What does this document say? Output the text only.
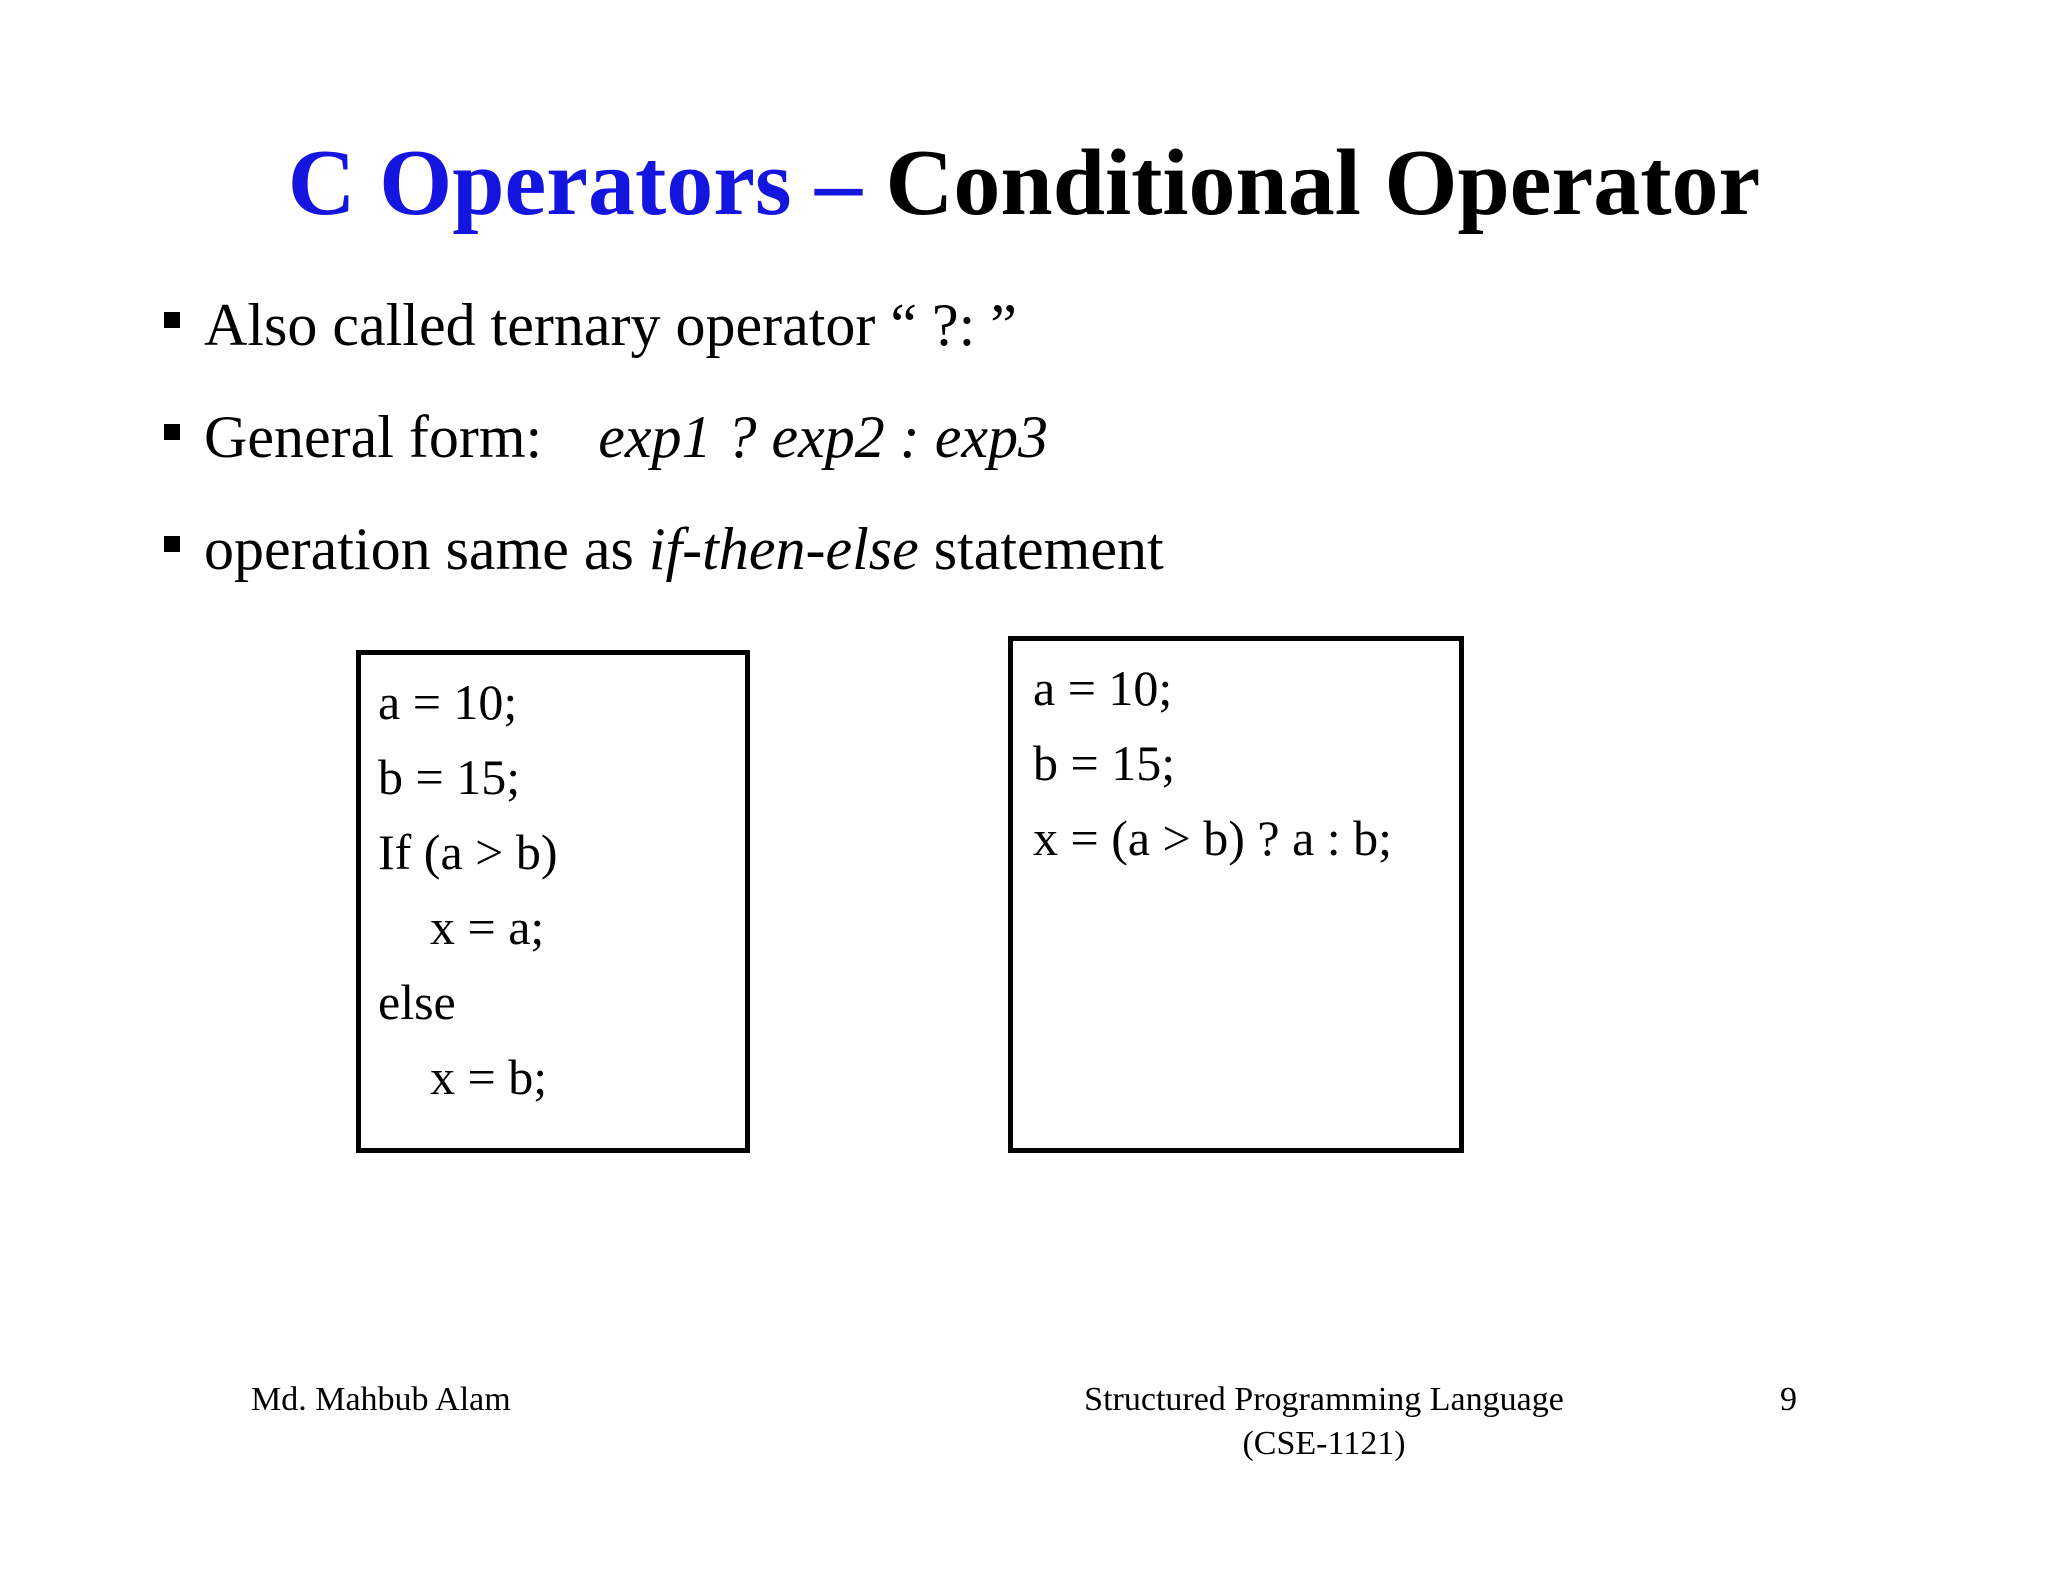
C Operators – Conditional Operator
Also called ternary operator “ ?: ”
General form: exp1 ? exp2 : exp3
operation same as if-then-else statement
a = 10;
b = 15;
If (a > b)
x = a;
else
x = b;
a = 10;
b = 15;
x = (a > b) ? a : b;
Md. Mahbub Alam	Structured Programming Language
(CSE-1121)
9
